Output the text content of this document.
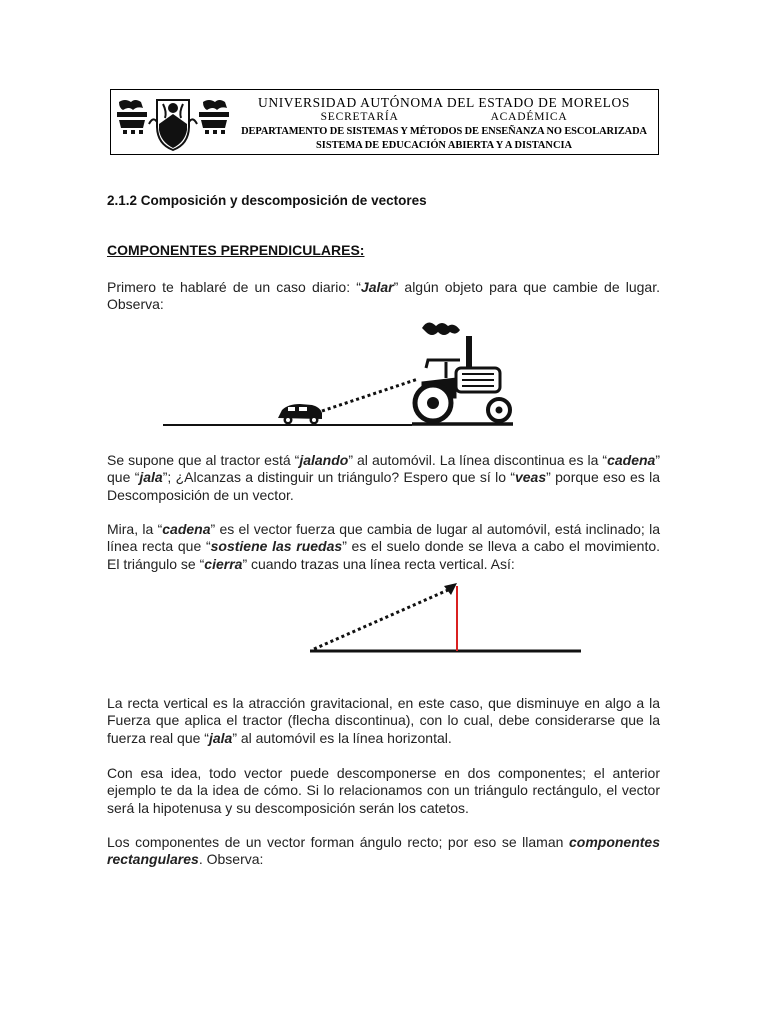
UNIVERSIDAD AUTÓNOMA DEL ESTADO DE MORELOS
SECRETARÍA	ACADÉMICA
DEPARTAMENTO DE SISTEMAS Y MÉTODOS DE ENSEÑANZA NO ESCOLARIZADA
SISTEMA DE EDUCACIÓN ABIERTA Y A DISTANCIA
2.1.2 Composición y descomposición de vectores
COMPONENTES PERPENDICULARES:

Primero te hablaré de un caso diario: “Jalar” algún objeto para que cambie de lugar. Observa:

Se supone que al tractor está “jalando” al automóvil. La línea discontinua es la “cadena” que “jala”; ¿Alcanzas a distinguir un triángulo? Espero que sí lo “veas” porque eso es la Descomposición de un vector.

Mira, la “cadena” es el vector fuerza que cambia de lugar al automóvil, está inclinado; la línea recta que “sostiene las ruedas” es el suelo donde se lleva a cabo el movimiento. El triángulo se “cierra” cuando trazas una línea recta vertical. Así:

La recta vertical es la atracción gravitacional, en este caso, que disminuye en algo a la Fuerza que aplica el tractor (flecha discontinua), con lo cual, debe considerarse que la fuerza real que “jala” al automóvil es la línea horizontal.

Con esa idea, todo vector puede descomponerse en dos componentes; el anterior ejemplo te da la idea de cómo. Si lo relacionamos con un triángulo rectángulo, el vector será la hipotenusa y su descomposición serán los catetos.

Los componentes de un vector forman ángulo recto; por eso se llaman componentes rectangulares. Observa:
